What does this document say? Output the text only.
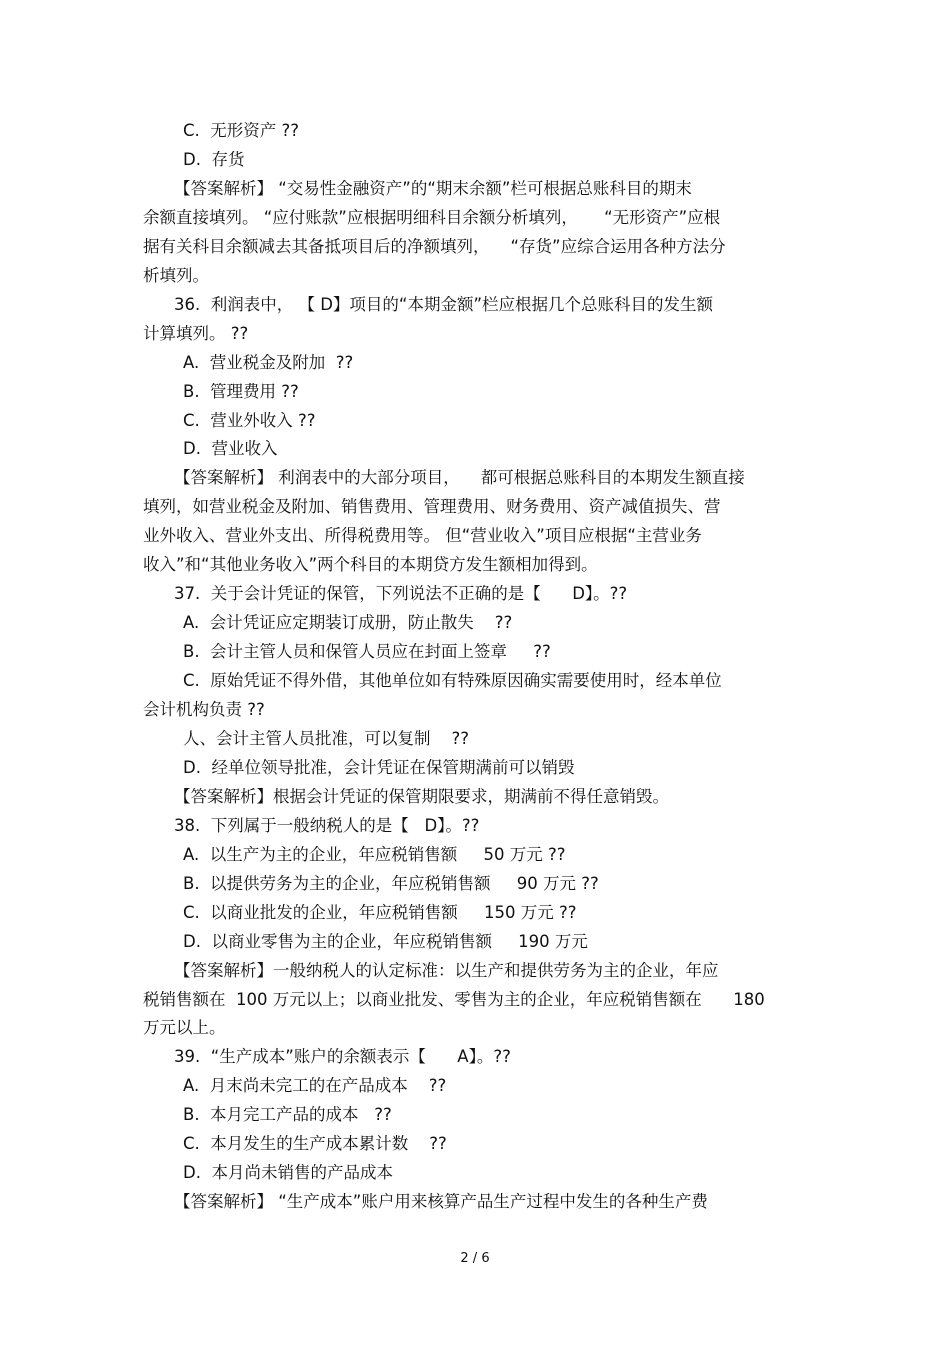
C.  无形资产 ??
D.  存货
【答案解析】 “交易性金融资产”的“期末余额”栏可根据总账科目的期末
余额直接填列。 “应付账款”应根据明细科目余额分析填列，     “无形资产”应根
据有关科目余额减去其备抵项目后的净额填列，    “存货”应综合运用各种方法分
析填列。
36.  利润表中， 【 D】项目的“本期金额”栏应根据几个总账科目的发生额
计算填列。 ??
A.  营业税金及附加  ??
B.  管理费用 ??
C.  营业外收入 ??
D.  营业收入
【答案解析】 利润表中的大部分项目，    都可根据总账科目的本期发生额直接
填列，如营业税金及附加、销售费用、管理费用、财务费用、资产减值损失、营
业外收入、营业外支出、所得税费用等。 但“营业收入”项目应根据“主营业务
收入”和“其他业务收入”两个科目的本期贷方发生额相加得到。
37.  关于会计凭证的保管，下列说法不正确的是【      D】。??
A.  会计凭证应定期装订成册，防止散失    ??
B.  会计主管人员和保管人员应在封面上签章     ??
C.  原始凭证不得外借，其他单位如有特殊原因确实需要使用时，经本单位
会计机构负责 ??
人、会计主管人员批准，可以复制    ??
D.  经单位领导批准，会计凭证在保管期满前可以销毁
【答案解析】根据会计凭证的保管期限要求，期满前不得任意销毁。
38.  下列属于一般纳税人的是【   D】。??
A.  以生产为主的企业，年应税销售额     50 万元 ??
B.  以提供劳务为主的企业，年应税销售额     90 万元 ??
C.  以商业批发的企业，年应税销售额     150 万元 ??
D.  以商业零售为主的企业，年应税销售额     190 万元
【答案解析】一般纳税人的认定标准：以生产和提供劳务为主的企业，年应
税销售额在  100 万元以上；以商业批发、零售为主的企业，年应税销售额在      180
万元以上。
39.  “生产成本”账户的余额表示【      A】。??
A.  月末尚未完工的在产品成本    ??
B.  本月完工产品的成本   ??
C.  本月发生的生产成本累计数    ??
D.  本月尚未销售的产品成本
【答案解析】 “生产成本”账户用来核算产品生产过程中发生的各种生产费
2 / 6
